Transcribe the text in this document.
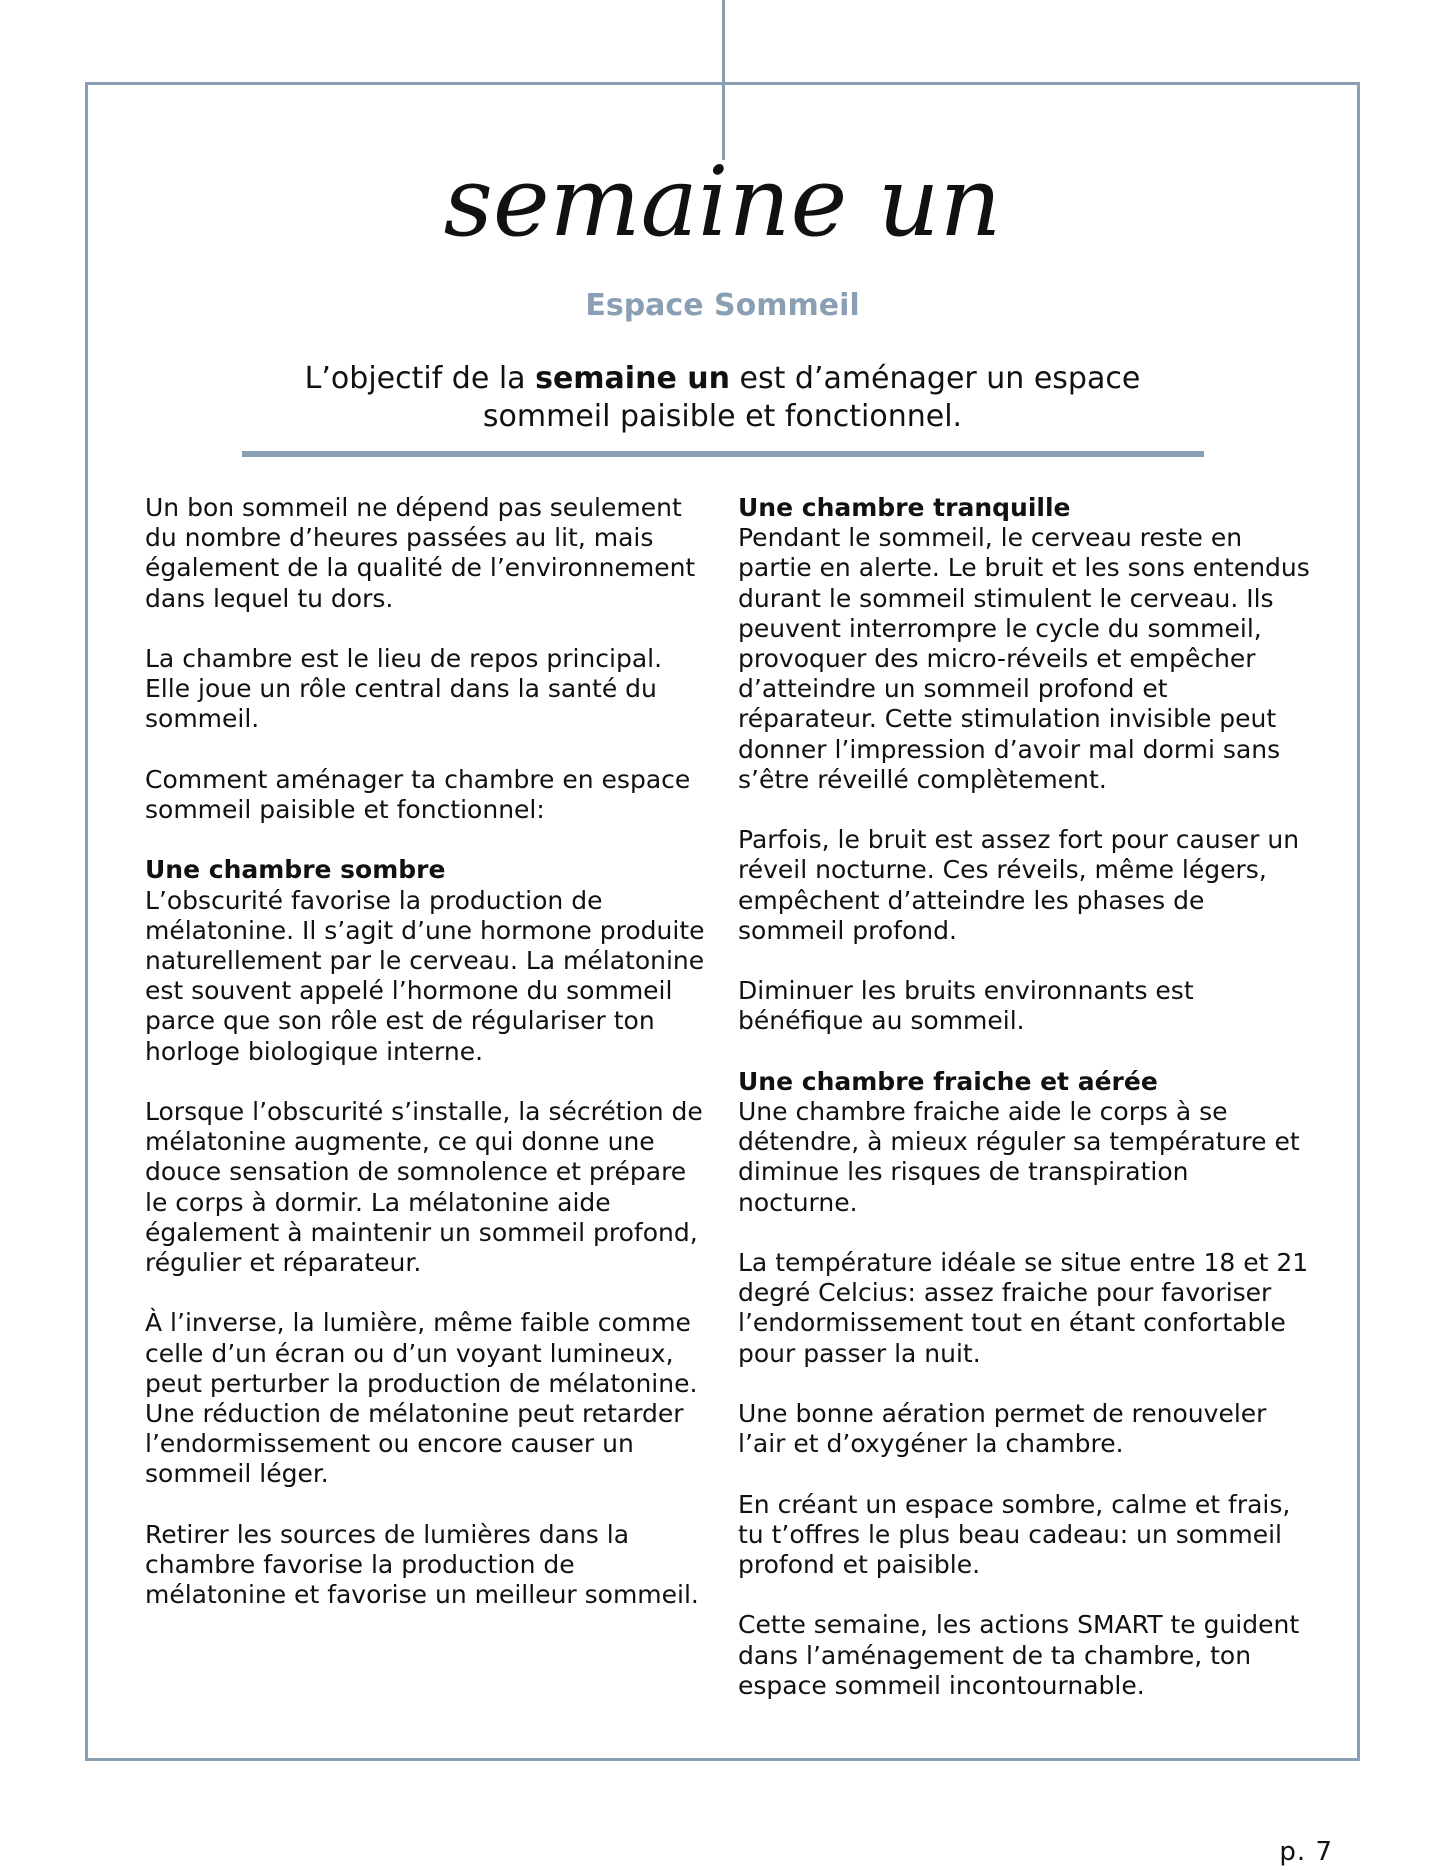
semaine un
Espace Sommeil
L’objectif de la semaine un est d’aménager un espace sommeil paisible et fonctionnel.

Un bon sommeil ne dépend pas seulement du nombre d’heures passées au lit, mais également de la qualité de l’environnement dans lequel tu dors.

La chambre est le lieu de repos principal. Elle joue un rôle central dans la santé du sommeil.

Comment aménager ta chambre en espace sommeil paisible et fonctionnel:

Une chambre sombre

L’obscurité favorise la production de mélatonine. Il s’agit d’une hormone produite naturellement par le cerveau. La mélatonine est souvent appelé l’hormone du sommeil parce que son rôle est de régulariser ton horloge biologique interne.

Lorsque l’obscurité s’installe, la sécrétion de mélatonine augmente, ce qui donne une douce sensation de somnolence et prépare le corps à dormir. La mélatonine aide également à maintenir un sommeil profond, régulier et réparateur.

À l’inverse, la lumière, même faible comme celle d’un écran ou d’un voyant lumineux, peut perturber la production de mélatonine. Une réduction de mélatonine peut retarder l’endormissement ou encore causer un sommeil léger.

Retirer les sources de lumières dans la chambre favorise la production de mélatonine et favorise un meilleur sommeil.

Une chambre tranquille

Pendant le sommeil, le cerveau reste en partie en alerte. Le bruit et les sons entendus durant le sommeil stimulent le cerveau. Ils peuvent interrompre le cycle du sommeil, provoquer des micro-réveils et empêcher d’atteindre un sommeil profond et réparateur. Cette stimulation invisible peut donner l’impression d’avoir mal dormi sans s’être réveillé complètement.

Parfois, le bruit est assez fort pour causer un réveil nocturne. Ces réveils, même légers, empêchent d’atteindre les phases de sommeil profond.

Diminuer les bruits environnants est bénéfique au sommeil.

Une chambre fraiche et aérée

Une chambre fraiche aide le corps à se détendre, à mieux réguler sa température et diminue les risques de transpiration nocturne.

La température idéale se situe entre 18 et 21 degré Celcius: assez fraiche pour favoriser l’endormissement tout en étant confortable pour passer la nuit.

Une bonne aération permet de renouveler l’air et d’oxygéner la chambre.

En créant un espace sombre, calme et frais, tu t’offres le plus beau cadeau: un sommeil profond et paisible.

Cette semaine, les actions SMART te guident dans l’aménagement de ta chambre, ton espace sommeil incontournable.

p. 7
